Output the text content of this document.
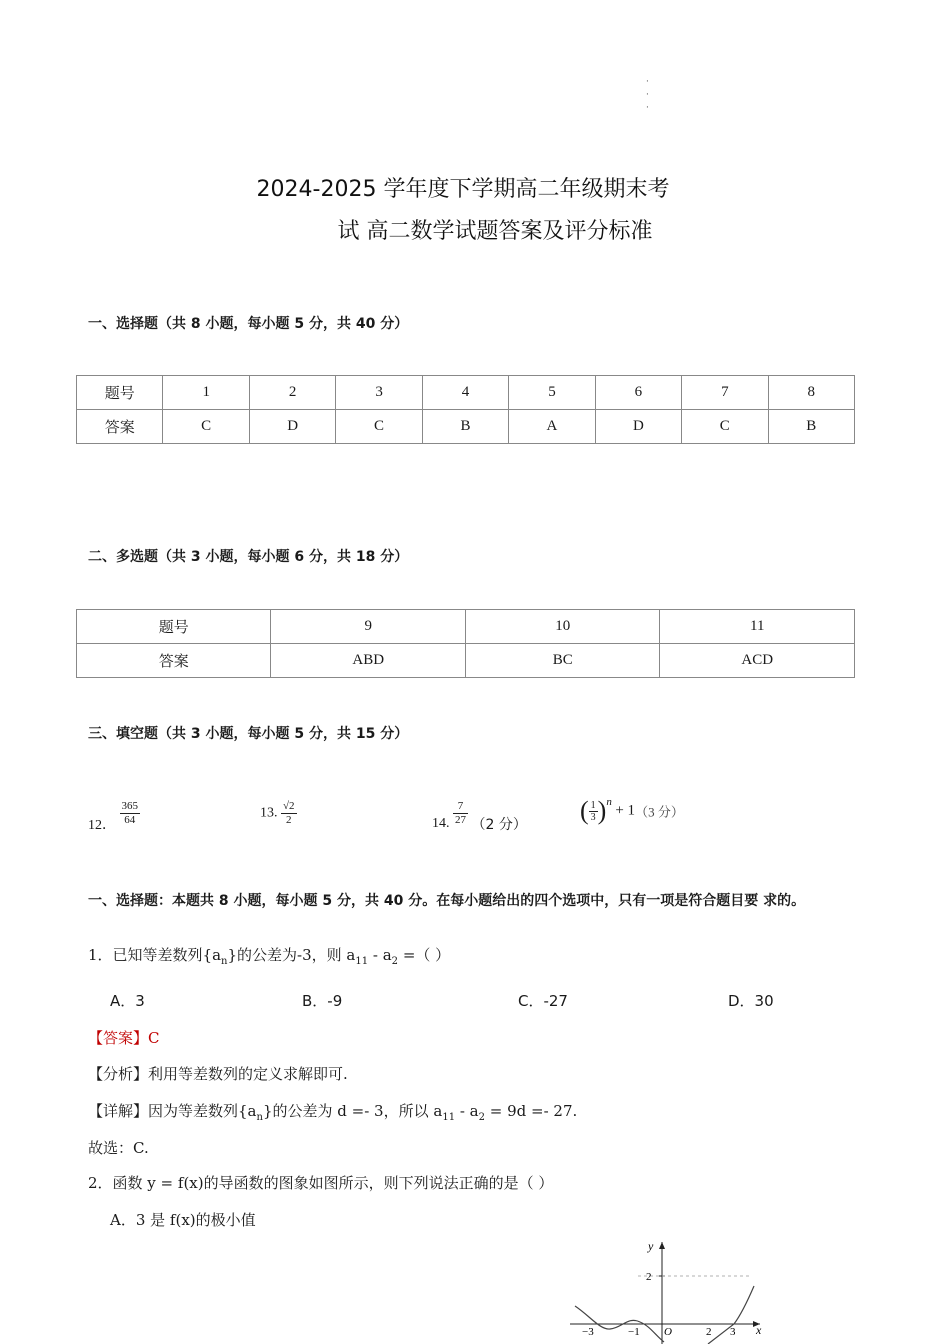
·
·
·
2024-2025 学年度下学期高二年级期末考
试 高二数学试题答案及评分标准
一、选择题（共 8 小题，每小题 5 分，共 40 分）
题号	1	2	3	4	5	6	7	8
答案	C	D	C	B	A	D	C	B
二、多选题（共 3 小题，每小题 6 分，共 18 分）
题号	9	10	11
答案	ABD	BC	ACD
三、填空题（共 3 小题，每小题 5 分，共 15 分）
12． $\frac{365}{64}$	13. $\frac{√2}{2}$	14. $\frac{7}{27} (2$ 分） ( $\frac{1}{3} )^n + 1(3$ 分）
一、选择题：本题共 8 小题，每小题 5 分，共 40 分。在每小题给出的四个选项中，只有一项是符合题目要 求的。
1．已知等差数列$\{a_n\}$的公差为-3，则 $a_{11} - a_2$ =（ ）
A．3	B．-9	C．-27	D．30
【答案】C
【分析】利用等差数列的定义求解即可.
【详解】因为等差数列$\{a_n\}$的公差为 d =- 3，所以 $a_{11} - a_2 = 9d =- 27$.
故选：C.
2．函数 y = f(x)的导函数的图象如图所示，则下列说法正确的是（ ）
A．3 是 f(x)的极小值
y
x
2
−3	−1 O	2 3
